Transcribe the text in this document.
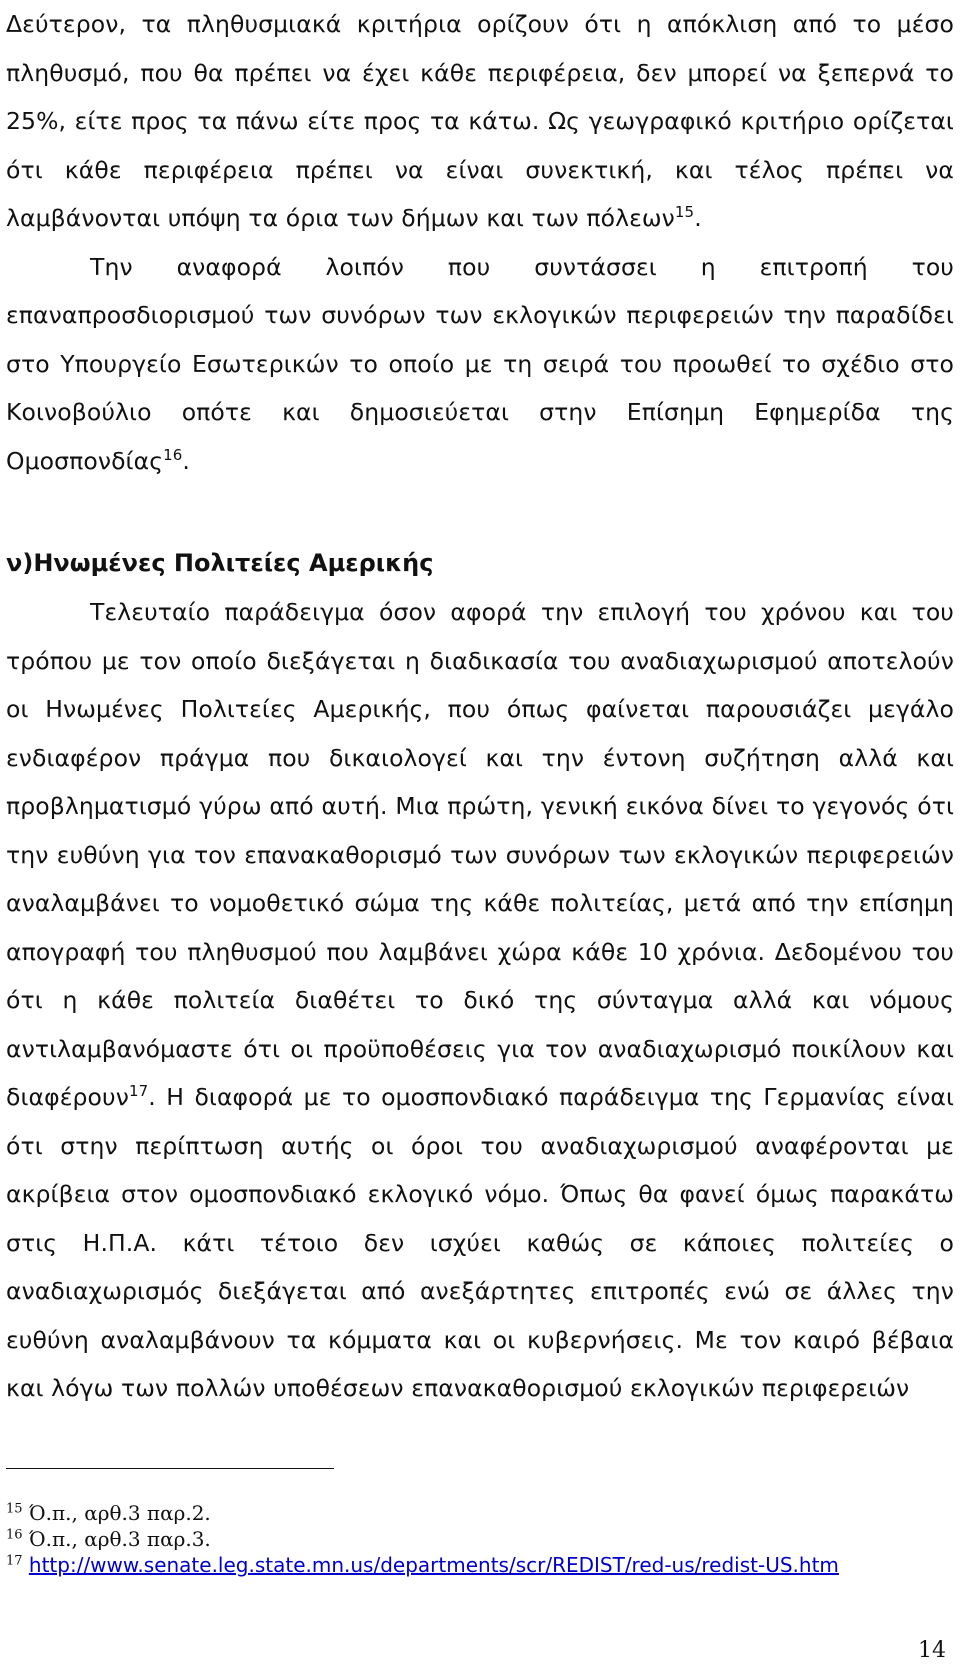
Δεύτερον, τα πληθυσμιακά κριτήρια ορίζουν ότι η απόκλιση από το μέσο πληθυσμό, που θα πρέπει να έχει κάθε περιφέρεια, δεν μπορεί να ξεπερνά το 25%, είτε προς τα πάνω είτε προς τα κάτω. Ως γεωγραφικό κριτήριο ορίζεται ότι κάθε περιφέρεια πρέπει να είναι συνεκτική, και τέλος πρέπει να λαμβάνονται υπόψη τα όρια των δήμων και των πόλεων$^{15}$.
Την αναφορά λοιπόν που συντάσσει η επιτροπή του επαναπροσδιορισμού των συνόρων των εκλογικών περιφερειών την παραδίδει στο Υπουργείο Εσωτερικών το οποίο με τη σειρά του προωθεί το σχέδιο στο Κοινοβούλιο οπότε και δημοσιεύεται στην Επίσημη Εφημερίδα της Ομοσπονδίας$^{16}$.

ν)Ηνωμένες Πολιτείες Αμερικής

Τελευταίο παράδειγμα όσον αφορά την επιλογή του χρόνου και του τρόπου με τον οποίο διεξάγεται η διαδικασία του αναδιαχωρισμού αποτελούν οι Ηνωμένες Πολιτείες Αμερικής, που όπως φαίνεται παρουσιάζει μεγάλο ενδιαφέρον πράγμα που δικαιολογεί και την έντονη συζήτηση αλλά και προβληματισμό γύρω από αυτή. Μια πρώτη, γενική εικόνα δίνει το γεγονός ότι την ευθύνη για τον επανακαθορισμό των συνόρων των εκλογικών περιφερειών αναλαμβάνει το νομοθετικό σώμα της κάθε πολιτείας, μετά από την επίσημη απογραφή του πληθυσμού που λαμβάνει χώρα κάθε 10 χρόνια. Δεδομένου του ότι η κάθε πολιτεία διαθέτει το δικό της σύνταγμα αλλά και νόμους αντιλαμβανόμαστε ότι οι προϋποθέσεις για τον αναδιαχωρισμό ποικίλουν και διαφέρουν$^{17}$. Η διαφορά με το ομοσπονδιακό παράδειγμα της Γερμανίας είναι ότι στην περίπτωση αυτής οι όροι του αναδιαχωρισμού αναφέρονται με ακρίβεια στον ομοσπονδιακό εκλογικό νόμο. Όπως θα φανεί όμως παρακάτω στις Η.Π.Α. κάτι τέτοιο δεν ισχύει καθώς σε κάποιες πολιτείες ο αναδιαχωρισμός διεξάγεται από ανεξάρτητες επιτροπές ενώ σε άλλες την ευθύνη αναλαμβάνουν τα κόμματα και οι κυβερνήσεις. Με τον καιρό βέβαια και λόγω των πολλών υποθέσεων επανακαθορισμού εκλογικών περιφερειών

$^{15}$ Ό.π., αρθ.3 παρ.2.

$^{16}$ Ό.π., αρθ.3 παρ.3.

$^{17}$ http://www.senate.leg.state.mn.us/departments/scr/REDIST/red-us/redist-US.htm

14
